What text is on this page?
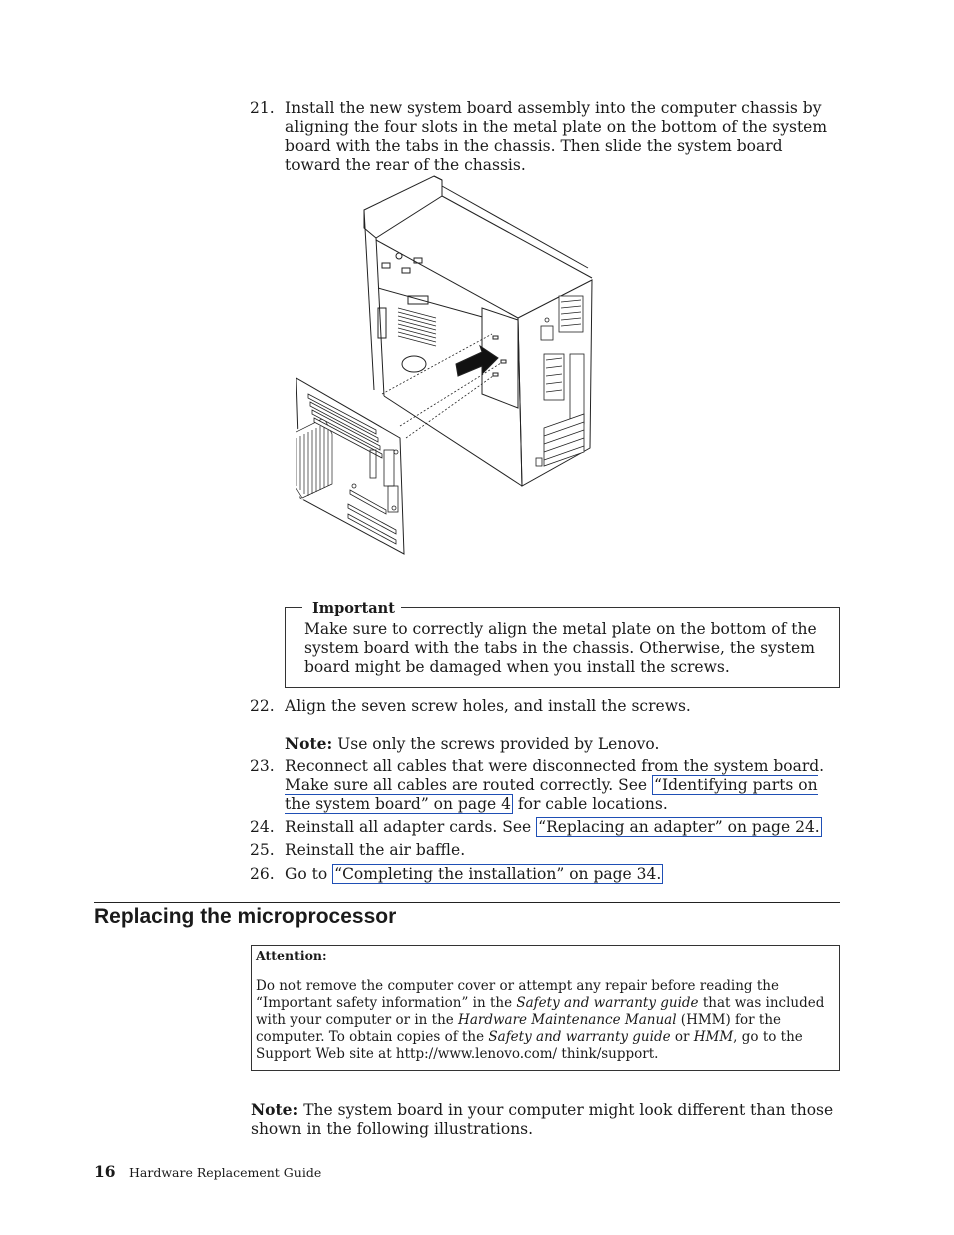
21. Install the new system board assembly into the computer chassis by aligning the four slots in the metal plate on the bottom of the system board with the tabs in the chassis. Then slide the system board toward the rear of the chassis.
Important
Make sure to correctly align the metal plate on the bottom of the system board with the tabs in the chassis. Otherwise, the system board might be damaged when you install the screws.
22. Align the seven screw holes, and install the screws.
Note: Use only the screws provided by Lenovo.
23. Reconnect all cables that were disconnected from the system board. Make sure all cables are routed correctly. See “Identifying parts on the system board” on page 4 for cable locations.
24. Reinstall all adapter cards. See “Replacing an adapter” on page 24.
25. Reinstall the air baffle.
26. Go to “Completing the installation” on page 34.
Replacing the microprocessor
Attention:
Do not remove the computer cover or attempt any repair before reading the “Important safety information” in the Safety and warranty guide that was included with your computer or in the Hardware Maintenance Manual (HMM) for the computer. To obtain copies of the Safety and warranty guide or HMM, go to the Support Web site at http://www.lenovo.com/ think/support.
Note: The system board in your computer might look different than those shown in the following illustrations.
16 Hardware Replacement Guide
